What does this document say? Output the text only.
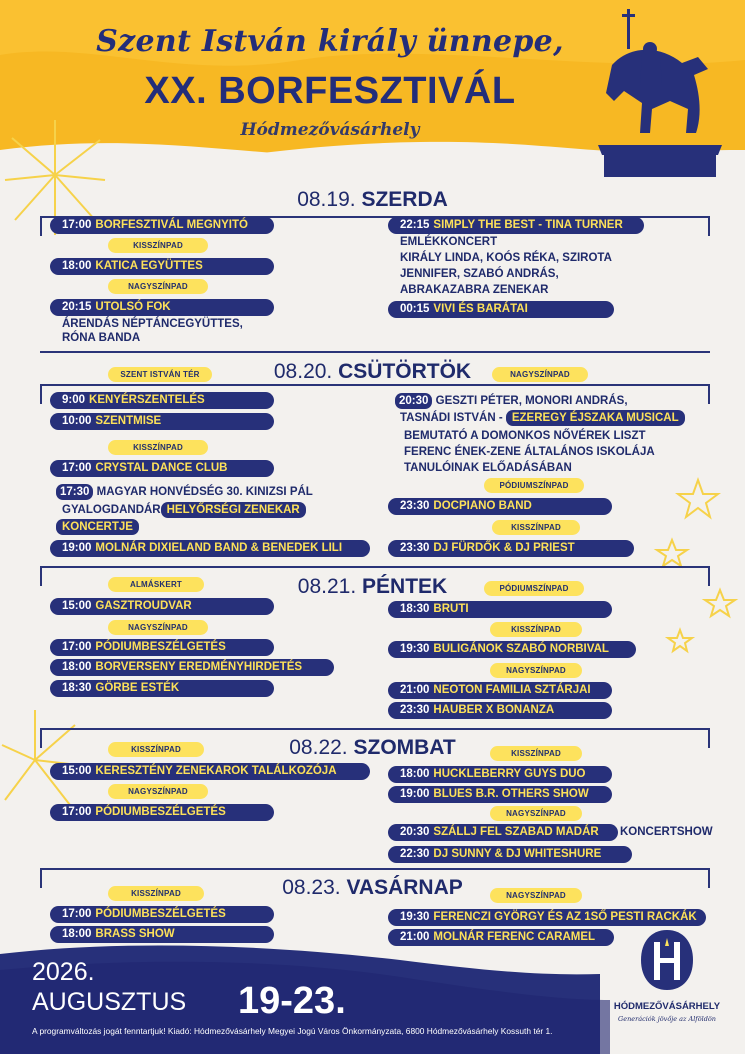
Szent István király ünnepe,
XX. BORFESZTIVÁL
Hódmezővásárhely
08.19. SZERDA
17:00 BORFESZTIVÁL MEGNYITÓ
KISSZÍNPAD
18:00 KATICA EGYÜTTES
NAGYSZÍNPAD
20:15 UTOLSÓ FOK
ÁRENDÁS NÉPTÁNCEGYÜTTES,
RÓNA BANDA
22:15 SIMPLY THE BEST - TINA TURNER
EMLÉKKONCERT
KIRÁLY LINDA, KOÓS RÉKA, SZIROTA
JENNIFER, SZABÓ ANDRÁS,
ABRAKAZABRA ZENEKAR
00:15 VIVI ÉS BARÁTAI
08.20. CSÜTÖRTÖK
SZENT ISTVÁN TÉR	NAGYSZÍNPAD
9:00 KENYÉRSZENTELÉS
10:00 SZENTMISE
KISSZÍNPAD
17:00 CRYSTAL DANCE CLUB
17:30 MAGYAR HONVÉDSÉG 30. KINIZSI PÁL
GYALOGDANDÁR HELYŐRSÉGI ZENEKAR
KONCERTJE
19:00 MOLNÁR DIXIELAND BAND & BENEDEK LILI
20:30 GESZTI PÉTER, MONORI ANDRÁS,
TASNÁDI ISTVÁN - EZEREGY ÉJSZAKA MUSICAL
BEMUTATÓ A DOMONKOS NŐVÉREK LISZT
FERENC ÉNEK-ZENE ÁLTALÁNOS ISKOLÁJA
TANULÓINAK ELŐADÁSÁBAN
PÓDIUMSZÍNPAD
23:30 DOCPIANO BAND
KISSZÍNPAD
23:30 DJ FÜRDŐK & DJ PRIEST
08.21. PÉNTEK
ALMÁSKERT
15:00 GASZTROUDVAR
NAGYSZÍNPAD
17:00 PÓDIUMBESZÉLGETÉS
18:00 BORVERSENY EREDMÉNYHIRDETÉS
18:30 GÖRBE ESTÉK
PÓDIUMSZÍNPAD
18:30 BRUTI
KISSZÍNPAD
19:30 BULIGÁNOK SZABÓ NORBIVAL
NAGYSZÍNPAD
21:00 NEOTON FAMILIA SZTÁRJAI
23:30 HAUBER X BONANZA
08.22. SZOMBAT
KISSZÍNPAD
15:00 KERESZTÉNY ZENEKAROK TALÁLKOZÓJA
NAGYSZÍNPAD
17:00 PÓDIUMBESZÉLGETÉS
KISSZÍNPAD
18:00 HUCKLEBERRY GUYS DUO
19:00 BLUES B.R. OTHERS SHOW
NAGYSZÍNPAD
20:30 SZÁLLJ FEL SZABAD MADÁR KONCERTSHOW
22:30 DJ SUNNY & DJ WHITESHURE
08.23. VASÁRNAP
KISSZÍNPAD
17:00 PÓDIUMBESZÉLGETÉS
18:00 BRASS SHOW
NAGYSZÍNPAD
19:30 FERENCZI GYÖRGY ÉS AZ 1SŐ PESTI RACKÁK
21:00 MOLNÁR FERENC CARAMEL
2026.
AUGUSZTUS 19-23.
A programváltozás jogát fenntartjuk! Kiadó: Hódmezővásárhely Megyei Jogú Város Önkormányzata, 6800 Hódmezővásárhely Kossuth tér 1.
HÓDMEZŐVÁSÁRHELY
Generációk jövője az Alföldön
